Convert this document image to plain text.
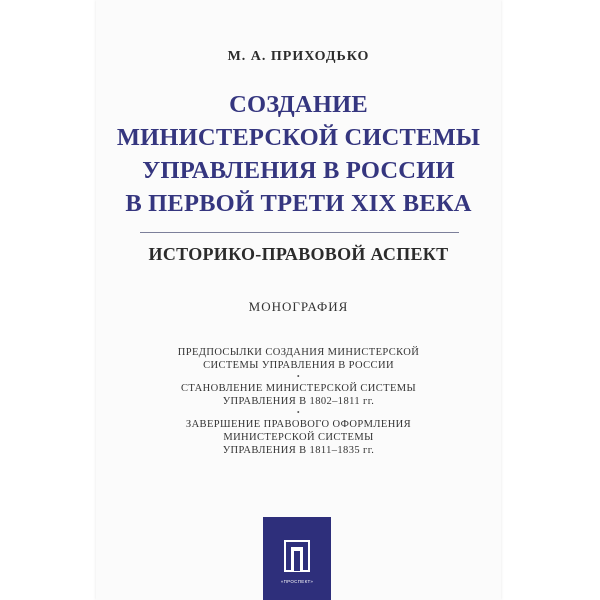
М. А. ПРИХОДЬКО
СОЗДАНИЕ
МИНИСТЕРСКОЙ СИСТЕМЫ
УПРАВЛЕНИЯ В РОССИИ
В ПЕРВОЙ ТРЕТИ XIX ВЕКА
ИСТОРИКО-ПРАВОВОЙ АСПЕКТ
МОНОГРАФИЯ
ПРЕДПОСЫЛКИ СОЗДАНИЯ МИНИСТЕРСКОЙ
СИСТЕМЫ УПРАВЛЕНИЯ В РОССИИ
•
СТАНОВЛЕНИЕ МИНИСТЕРСКОЙ СИСТЕМЫ
УПРАВЛЕНИЯ В 1802–1811 гг.
•
ЗАВЕРШЕНИЕ ПРАВОВОГО ОФОРМЛЕНИЯ
МИНИСТЕРСКОЙ СИСТЕМЫ
УПРАВЛЕНИЯ В 1811–1835 гг.
«ПРОСПЕКТ»
